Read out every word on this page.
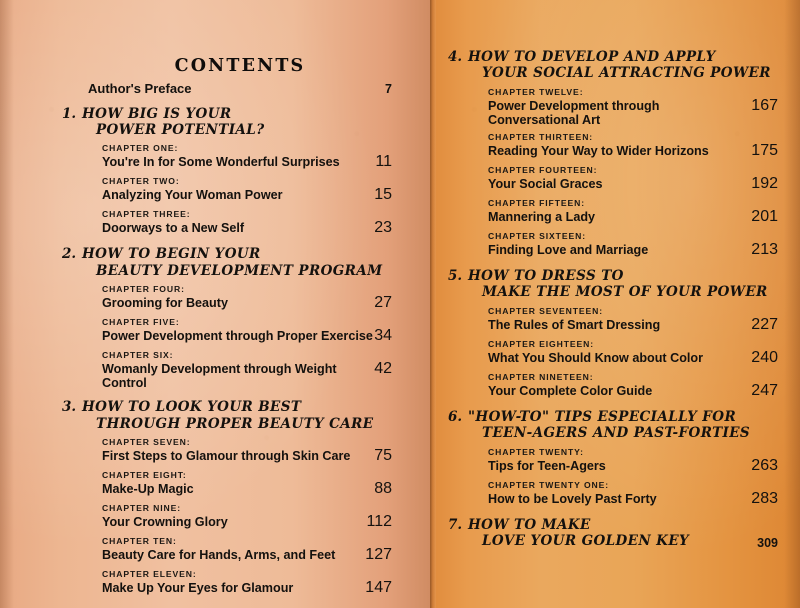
CONTENTS
Author's Preface	7
1. HOW BIG IS YOUR
POWER POTENTIAL?
CHAPTER ONE:
You're In for Some Wonderful Surprises 11
CHAPTER TWO:
Analyzing Your Woman Power	15
CHAPTER THREE:
Doorways to a New Self	23
2. HOW TO BEGIN YOUR
BEAUTY DEVELOPMENT PROGRAM
CHAPTER FOUR:
Grooming for Beauty	27
CHAPTER FIVE:
Power Development through Proper Exercise 34
CHAPTER SIX:
Womanly Development through Weight Control
42
3. HOW TO LOOK YOUR BEST
THROUGH PROPER BEAUTY CARE
CHAPTER SEVEN:
First Steps to Glamour through Skin Care 75
CHAPTER EIGHT:
Make-Up Magic	88
CHAPTER NINE:
Your Crowning Glory	112
CHAPTER TEN:
Beauty Care for Hands, Arms, and Feet 127
CHAPTER ELEVEN:
Make Up Your Eyes for Glamour	147
4. HOW TO DEVELOP AND APPLY
YOUR SOCIAL ATTRACTING POWER
CHAPTER TWELVE:
Power Development through Conversational Art
167
CHAPTER THIRTEEN:
Reading Your Way to Wider Horizons	175
CHAPTER FOURTEEN:
Your Social Graces	192
CHAPTER FIFTEEN:
Mannering a Lady	201
CHAPTER SIXTEEN:
Finding Love and Marriage	213
5. HOW TO DRESS TO
MAKE THE MOST OF YOUR POWER
CHAPTER SEVENTEEN:
The Rules of Smart Dressing	227
CHAPTER EIGHTEEN:
What You Should Know about Color	240
CHAPTER NINETEEN:
Your Complete Color Guide	247
6. "HOW-TO" TIPS ESPECIALLY FOR
TEEN-AGERS AND PAST-FORTIES
CHAPTER TWENTY:
Tips for Teen-Agers	263
CHAPTER TWENTY ONE:
How to be Lovely Past Forty	283
7. HOW TO MAKE
LOVE YOUR GOLDEN KEY	309
